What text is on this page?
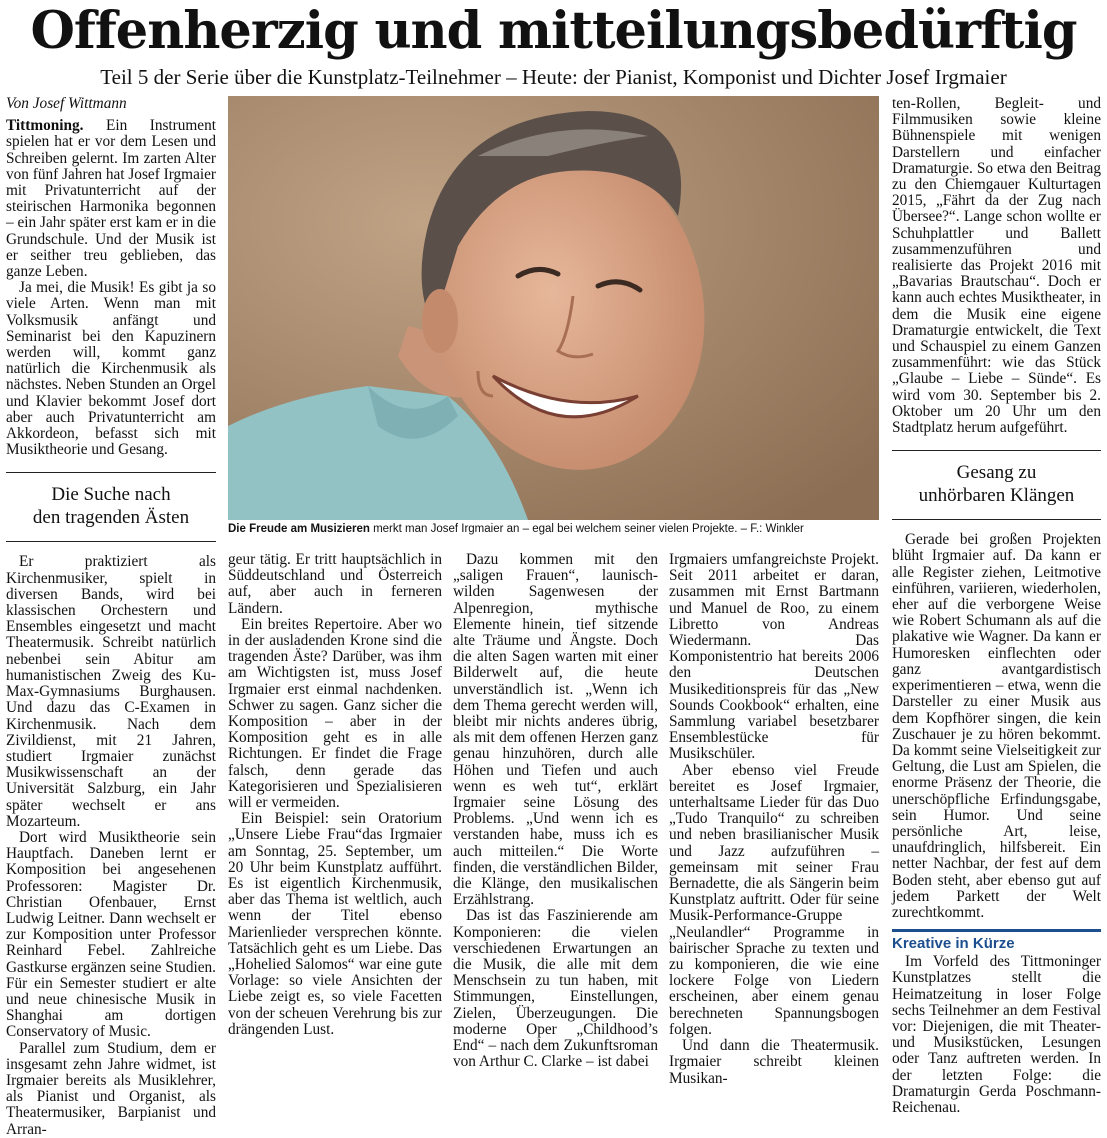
Offenherzig und mitteilungsbedürftig
Teil 5 der Serie über die Kunstplatz-Teilnehmer – Heute: der Pianist, Komponist und Dichter Josef Irgmaier

Von Josef Wittmann

Tittmoning. Ein Instrument spielen hat er vor dem Lesen und Schreiben gelernt. Im zarten Alter von fünf Jahren hat Josef Irgmaier mit Privatunterricht auf der steirischen Harmonika begonnen – ein Jahr später erst kam er in die Grundschule. Und der Musik ist er seither treu geblieben, das ganze Leben.

Ja mei, die Musik! Es gibt ja so viele Arten. Wenn man mit Volksmusik anfängt und Seminarist bei den Kapuzinern werden will, kommt ganz natürlich die Kirchenmusik als nächstes. Neben Stunden an Orgel und Klavier bekommt Josef dort aber auch Privatunterricht am Akkordeon, befasst sich mit Musiktheorie und Gesang.

Die Suche nach
den tragenden Ästen

Er praktiziert als Kirchenmusiker, spielt in diversen Bands, wird bei klassischen Orchestern und Ensembles eingesetzt und macht Theatermusik. Schreibt natürlich nebenbei sein Abitur am humanistischen Zweig des Ku-Max-Gymnasiums Burghausen. Und dazu das C-Examen in Kirchenmusik. Nach dem Zivildienst, mit 21 Jahren, studiert Irgmaier zunächst Musikwissenschaft an der Universität Salzburg, ein Jahr später wechselt er ans Mozarteum.

Dort wird Musiktheorie sein Hauptfach. Daneben lernt er Komposition bei angesehenen Professoren: Magister Dr. Christian Ofenbauer, Ernst Ludwig Leitner. Dann wechselt er zur Komposition unter Professor Reinhard Febel. Zahlreiche Gastkurse ergänzen seine Studien. Für ein Semester studiert er alte und neue chinesische Musik in Shanghai am dortigen Conservatory of Music.

Parallel zum Studium, dem er insgesamt zehn Jahre widmet, ist Irgmaier bereits als Musiklehrer, als Pianist und Organist, als Theatermusiker, Barpianist und Arran-

Die Freude am Musizieren merkt man Josef Irgmaier an – egal bei welchem seiner vielen Projekte. – F.: Winkler

geur tätig. Er tritt hauptsächlich in Süddeutschland und Österreich auf, aber auch in ferneren Ländern.

Ein breites Repertoire. Aber wo in der ausladenden Krone sind die tragenden Äste? Darüber, was ihm am Wichtigsten ist, muss Josef Irgmaier erst einmal nachdenken. Schwer zu sagen. Ganz sicher die Komposition – aber in der Komposition geht es in alle Richtungen. Er findet die Frage falsch, denn gerade das Kategorisieren und Spezialisieren will er vermeiden.

Ein Beispiel: sein Oratorium „Unsere Liebe Frau“das Irgmaier am Sonntag, 25. September, um 20 Uhr beim Kunstplatz aufführt. Es ist eigentlich Kirchenmusik, aber das Thema ist weltlich, auch wenn der Titel ebenso Marienlieder versprechen könnte. Tatsächlich geht es um Liebe. Das „Hohelied Salomos“ war eine gute Vorlage: so viele Ansichten der Liebe zeigt es, so viele Facetten von der scheuen Verehrung bis zur drängenden Lust.

Dazu kommen mit den „saligen Frauen“, launisch-wilden Sagenwesen der Alpenregion, mythische Elemente hinein, tief sitzende alte Träume und Ängste. Doch die alten Sagen warten mit einer Bilderwelt auf, die heute unverständlich ist. „Wenn ich dem Thema gerecht werden will, bleibt mir nichts anderes übrig, als mit dem offenen Herzen ganz genau hinzuhören, durch alle Höhen und Tiefen und auch wenn es weh tut“, erklärt Irgmaier seine Lösung des Problems. „Und wenn ich es verstanden habe, muss ich es auch mitteilen.“ Die Worte finden, die verständlichen Bilder, die Klänge, den musikalischen Erzählstrang.

Das ist das Faszinierende am Komponieren: die vielen verschiedenen Erwartungen an die Musik, die alle mit dem Menschsein zu tun haben, mit Stimmungen, Einstellungen, Zielen, Überzeugungen. Die moderne Oper „Childhood’s End“ – nach dem Zukunftsroman von Arthur C. Clarke – ist dabei

Irgmaiers umfangreichste Projekt. Seit 2011 arbeitet er daran, zusammen mit Ernst Bartmann und Manuel de Roo, zu einem Libretto von Andreas Wiedermann. Das Komponistentrio hat bereits 2006 den Deutschen Musikeditionspreis für das „New Sounds Cookbook“ erhalten, eine Sammlung variabel besetzbarer Ensemblestücke für Musikschüler.

Aber ebenso viel Freude bereitet es Josef Irgmaier, unterhaltsame Lieder für das Duo „Tudo Tranquilo“ zu schreiben und neben brasilianischer Musik und Jazz aufzuführen – gemeinsam mit seiner Frau Bernadette, die als Sängerin beim Kunstplatz auftritt. Oder für seine Musik-Performance-Gruppe „Neulandler“ Programme in bairischer Sprache zu texten und zu komponieren, die wie eine lockere Folge von Liedern erscheinen, aber einem genau berechneten Spannungsbogen folgen.

Und dann die Theatermusik. Irgmaier schreibt kleinen Musikan-

ten-Rollen, Begleit- und Filmmusiken sowie kleine Bühnenspiele mit wenigen Darstellern und einfacher Dramaturgie. So etwa den Beitrag zu den Chiemgauer Kulturtagen 2015, „Fährt da der Zug nach Übersee?“. Lange schon wollte er Schuhplattler und Ballett zusammenzuführen und realisierte das Projekt 2016 mit „Bavarias Brautschau“. Doch er kann auch echtes Musiktheater, in dem die Musik eine eigene Dramaturgie entwickelt, die Text und Schauspiel zu einem Ganzen zusammenführt: wie das Stück „Glaube – Liebe – Sünde“. Es wird vom 30. September bis 2. Oktober um 20 Uhr um den Stadtplatz herum aufgeführt.

Gesang zu
unhörbaren Klängen

Gerade bei großen Projekten blüht Irgmaier auf. Da kann er alle Register ziehen, Leitmotive einführen, variieren, wiederholen, eher auf die verborgene Weise wie Robert Schumann als auf die plakative wie Wagner. Da kann er Humoresken einflechten oder ganz avantgardistisch experimentieren – etwa, wenn die Darsteller zu einer Musik aus dem Kopfhörer singen, die kein Zuschauer je zu hören bekommt. Da kommt seine Vielseitigkeit zur Geltung, die Lust am Spielen, die enorme Präsenz der Theorie, die unerschöpfliche Erfindungsgabe, sein Humor. Und seine persönliche Art, leise, unaufdringlich, hilfsbereit. Ein netter Nachbar, der fest auf dem Boden steht, aber ebenso gut auf jedem Parkett der Welt zurechtkommt.

Kreative in Kürze

Im Vorfeld des Tittmoninger Kunstplatzes stellt die Heimatzeitung in loser Folge sechs Teilnehmer an dem Festival vor: Diejenigen, die mit Theater- und Musikstücken, Lesungen oder Tanz auftreten werden. In der letzten Folge: die Dramaturgin Gerda Poschmann-Reichenau.
